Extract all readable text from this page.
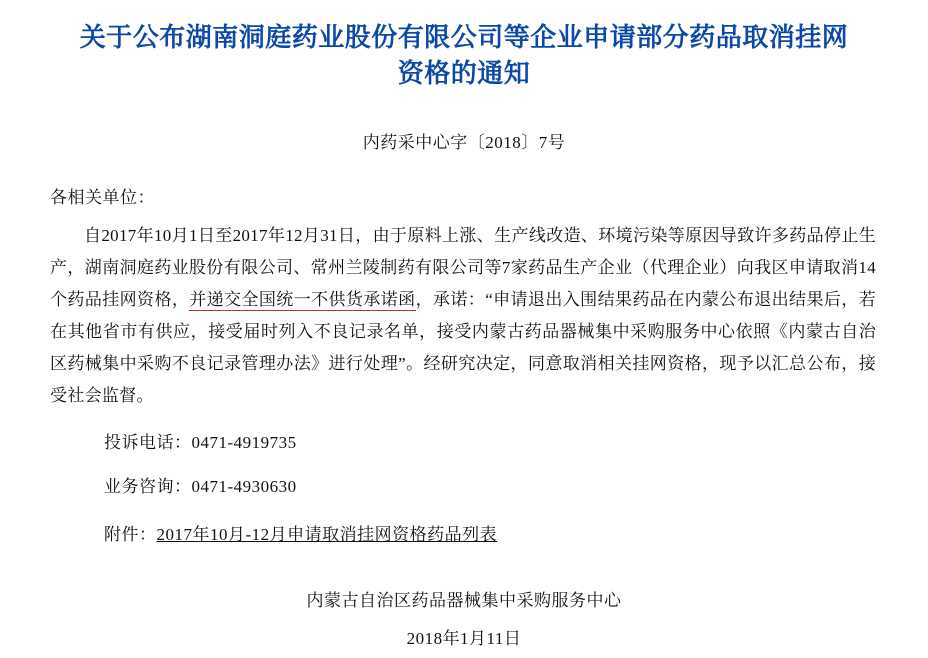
关于公布湖南洞庭药业股份有限公司等企业申请部分药品取消挂网资格的通知
内药采中心字〔2018〕7号
各相关单位：
自2017年10月1日至2017年12月31日，由于原料上涨、生产线改造、环境污染等原因导致许多药品停止生产，湖南洞庭药业股份有限公司、常州兰陵制药有限公司等7家药品生产企业（代理企业）向我区申请取消14个药品挂网资格，并递交全国统一不供货承诺函，承诺：“申请退出入围结果药品在内蒙公布退出结果后，若在其他省市有供应，接受届时列入不良记录名单，接受内蒙古药品器械集中采购服务中心依照《内蒙古自治区药械集中采购不良记录管理办法》进行处理”。经研究决定，同意取消相关挂网资格，现予以汇总公布，接受社会监督。
投诉电话：0471-4919735
业务咨询：0471-4930630
附件：2017年10月-12月申请取消挂网资格药品列表
内蒙古自治区药品器械集中采购服务中心
2018年1月11日
